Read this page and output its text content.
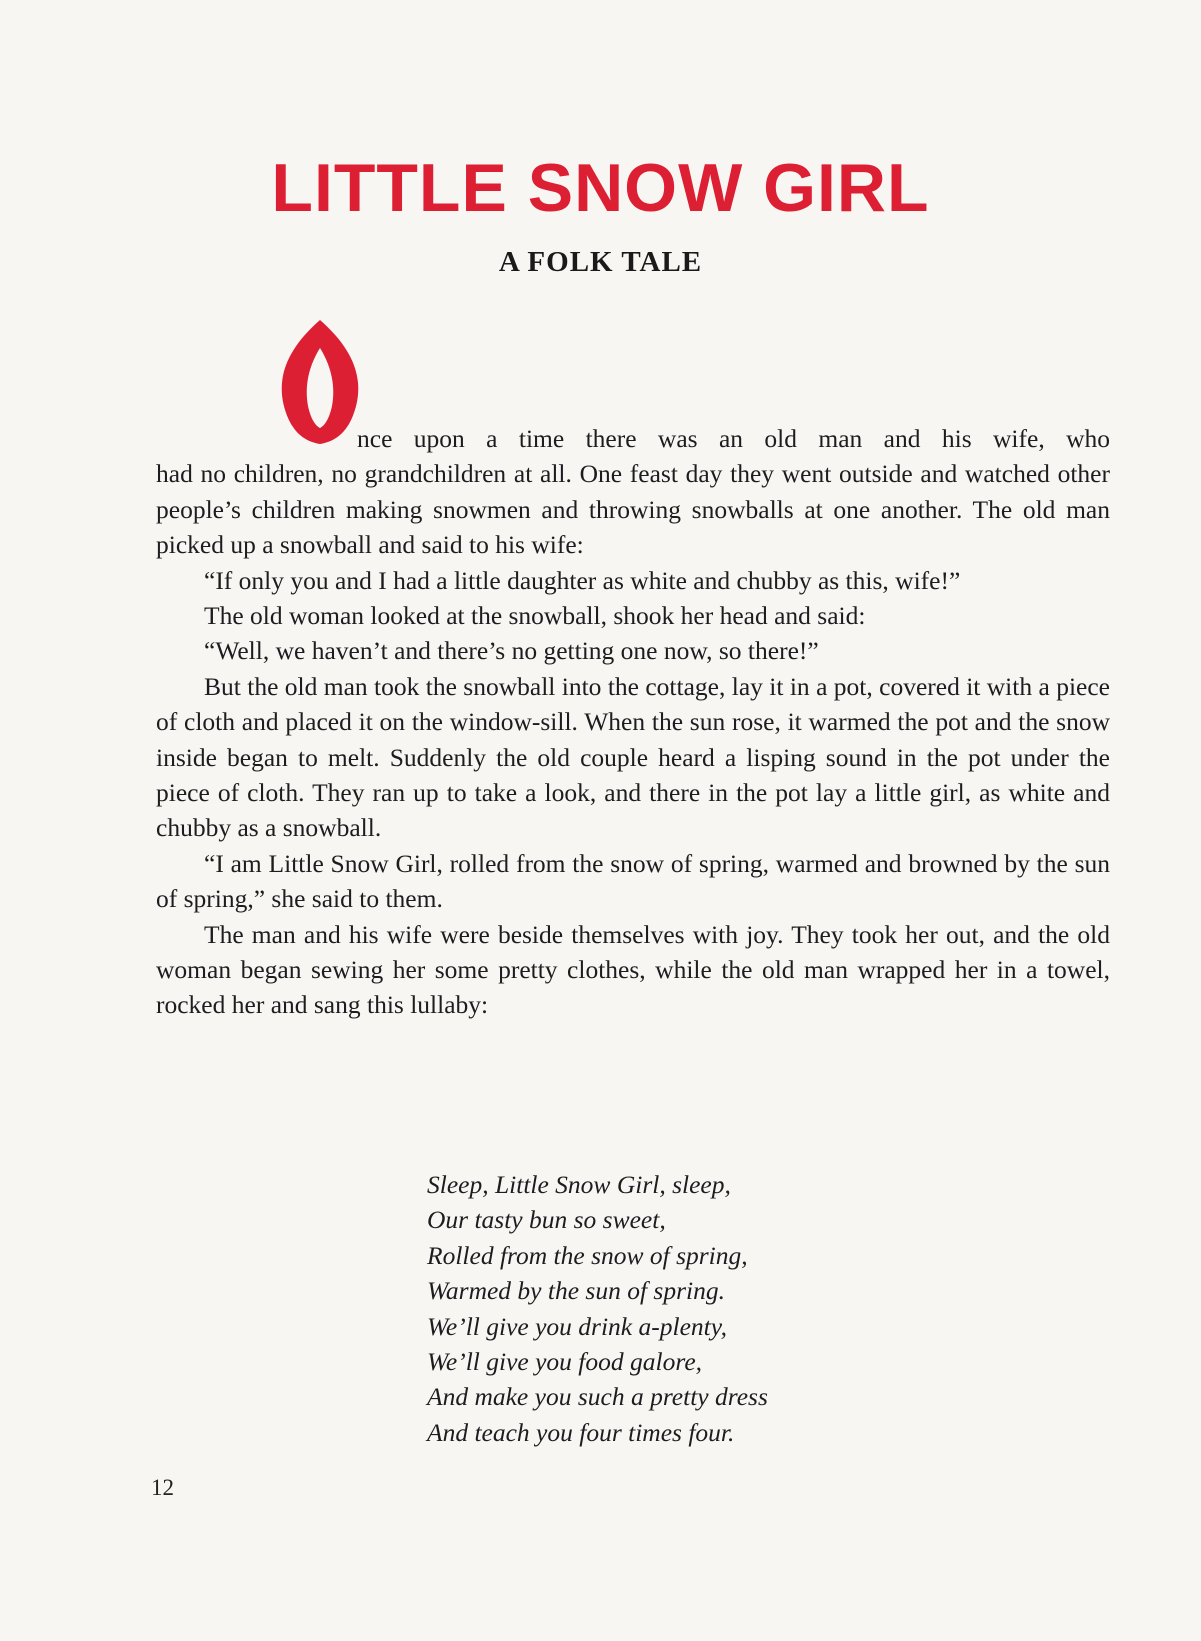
LITTLE SNOW GIRL
A FOLK TALE
nce upon a time there was an old man and his wife, who

had no children, no grandchildren at all. One feast day they went outside and watched other people’s children making snowmen and throwing snowballs at one another. The old man picked up a snowball and said to his wife:

“If only you and I had a little daughter as white and chubby as this, wife!”

The old woman looked at the snowball, shook her head and said:

“Well, we haven’t and there’s no getting one now, so there!”

But the old man took the snowball into the cottage, lay it in a pot, covered it with a piece of cloth and placed it on the window-sill. When the sun rose, it warmed the pot and the snow inside began to melt. Suddenly the old couple heard a lisping sound in the pot under the piece of cloth. They ran up to take a look, and there in the pot lay a little girl, as white and chubby as a snowball.

“I am Little Snow Girl, rolled from the snow of spring, warmed and browned by the sun of spring,” she said to them.

The man and his wife were beside themselves with joy. They took her out, and the old woman began sewing her some pretty clothes, while the old man wrapped her in a towel, rocked her and sang this lullaby:

Sleep, Little Snow Girl, sleep,
Our tasty bun so sweet,
Rolled from the snow of spring,
Warmed by the sun of spring.
We’ll give you drink a-plenty,
We’ll give you food galore,
And make you such a pretty dress
And teach you four times four.
12
